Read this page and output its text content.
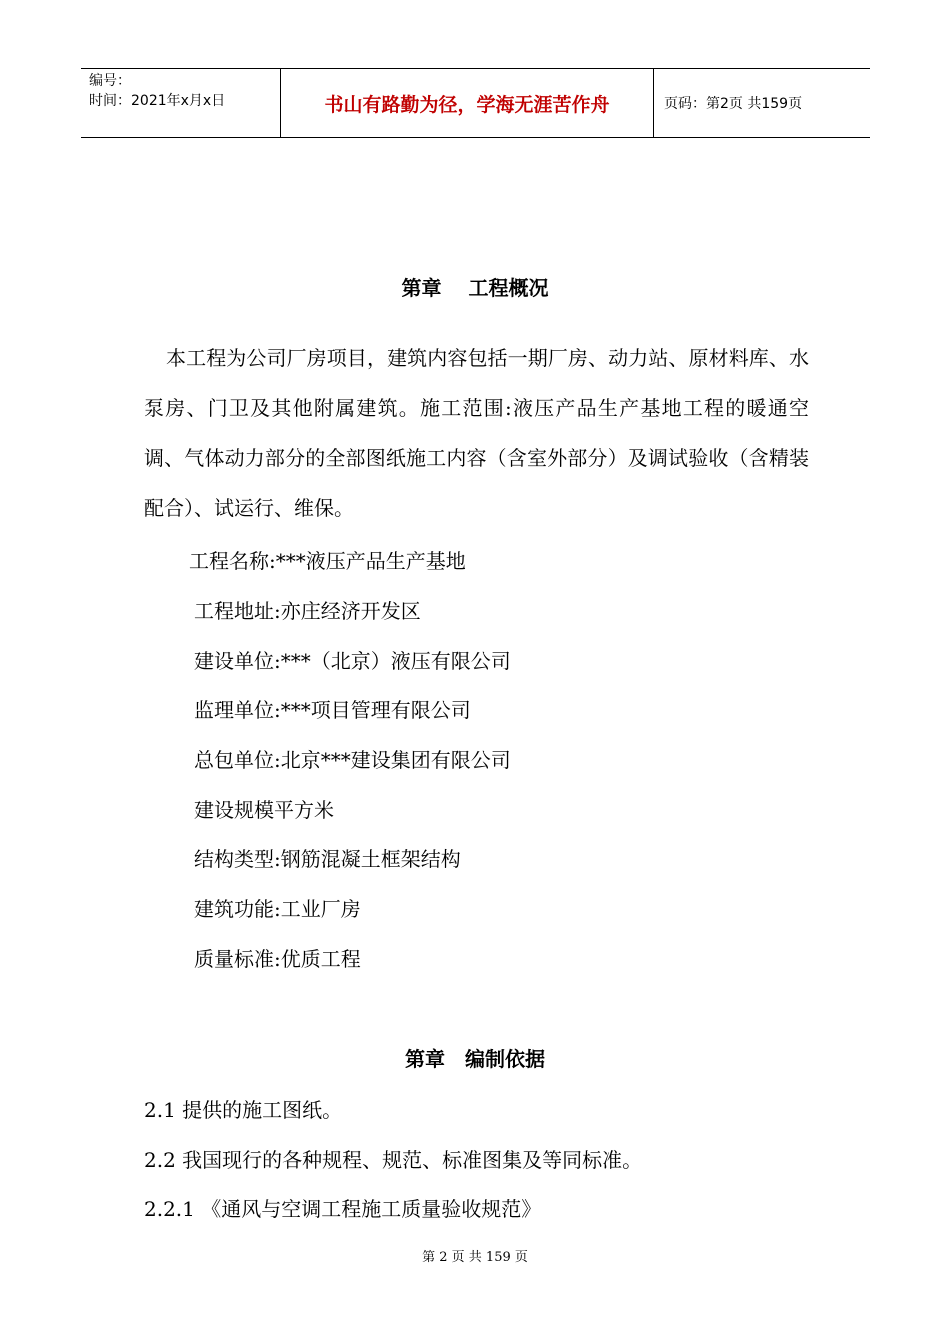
编号：
时间：2021年x月x日	书山有路勤为径，学海无涯苦作舟	页码：第2页 共159页
第章　 工程概况
本工程为公司厂房项目，建筑内容包括一期厂房、动力站、原材料库、水泵房、门卫及其他附属建筑。施工范围:液压产品生产基地工程的暖通空调、气体动力部分的全部图纸施工内容（含室外部分）及调试验收（含精装配合）、试运行、维保。
工程名称:***液压产品生产基地
工程地址:亦庄经济开发区
建设单位:***（北京）液压有限公司
监理单位:***项目管理有限公司
总包单位:北京***建设集团有限公司
建设规模平方米
结构类型:钢筋混凝土框架结构
建筑功能:工业厂房
质量标准:优质工程
第章　编制依据
2.1 提供的施工图纸。
2.2 我国现行的各种规程、规范、标准图集及等同标准。
2.2.1 《通风与空调工程施工质量验收规范》
第 2 页 共 159 页
